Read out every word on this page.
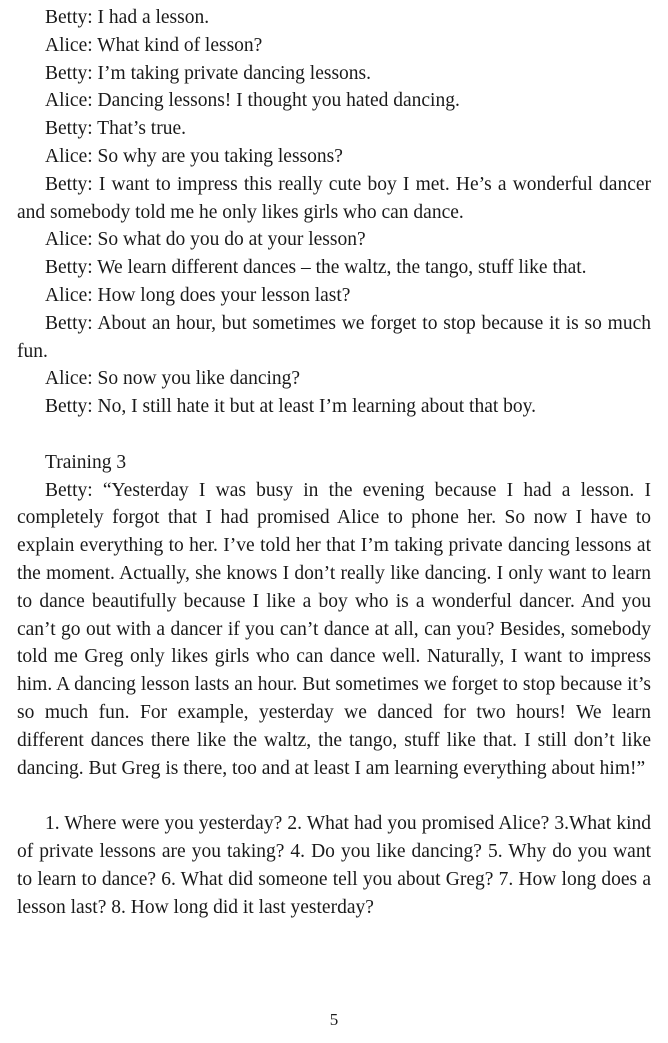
Betty: I had a lesson.

Alice: What kind of lesson?

Betty: I’m taking private dancing lessons.

Alice: Dancing lessons! I thought you hated dancing.

Betty: That’s true.

Alice: So why are you taking lessons?

Betty: I want to impress this really cute boy I met. He’s a wonderful dancer and somebody told me he only likes girls who can dance.

Alice: So what do you do at your lesson?

Betty: We learn different dances – the waltz, the tango, stuff like that.

Alice: How long does your lesson last?

Betty: About an hour, but sometimes we forget to stop because it is so much fun.

Alice: So now you like dancing?

Betty: No, I still hate it but at least I’m learning about that boy.

Training 3

Betty: “Yesterday I was busy in the evening because I had a lesson. I completely forgot that I had promised Alice to phone her. So now I have to explain everything to her. I’ve told her that I’m taking private dancing lessons at the moment. Actually, she knows I don’t really like dancing. I only want to learn to dance beautifully because I like a boy who is a wonderful dancer. And you can’t go out with a dancer if you can’t dance at all, can you? Besides, somebody told me Greg only likes girls who can dance well. Naturally, I want to impress him. A dancing lesson lasts an hour. But sometimes we forget to stop because it’s so much fun. For example, yesterday we danced for two hours! We learn different dances there like the waltz, the tango, stuff like that. I still don’t like dancing. But Greg is there, too and at least I am learning everything about him!”

1. Where were you yesterday? 2. What had you promised Alice? 3.What kind of private lessons are you taking? 4. Do you like dancing? 5. Why do you want to learn to dance? 6. What did someone tell you about Greg? 7. How long does a lesson last? 8. How long did it last yesterday?

5
